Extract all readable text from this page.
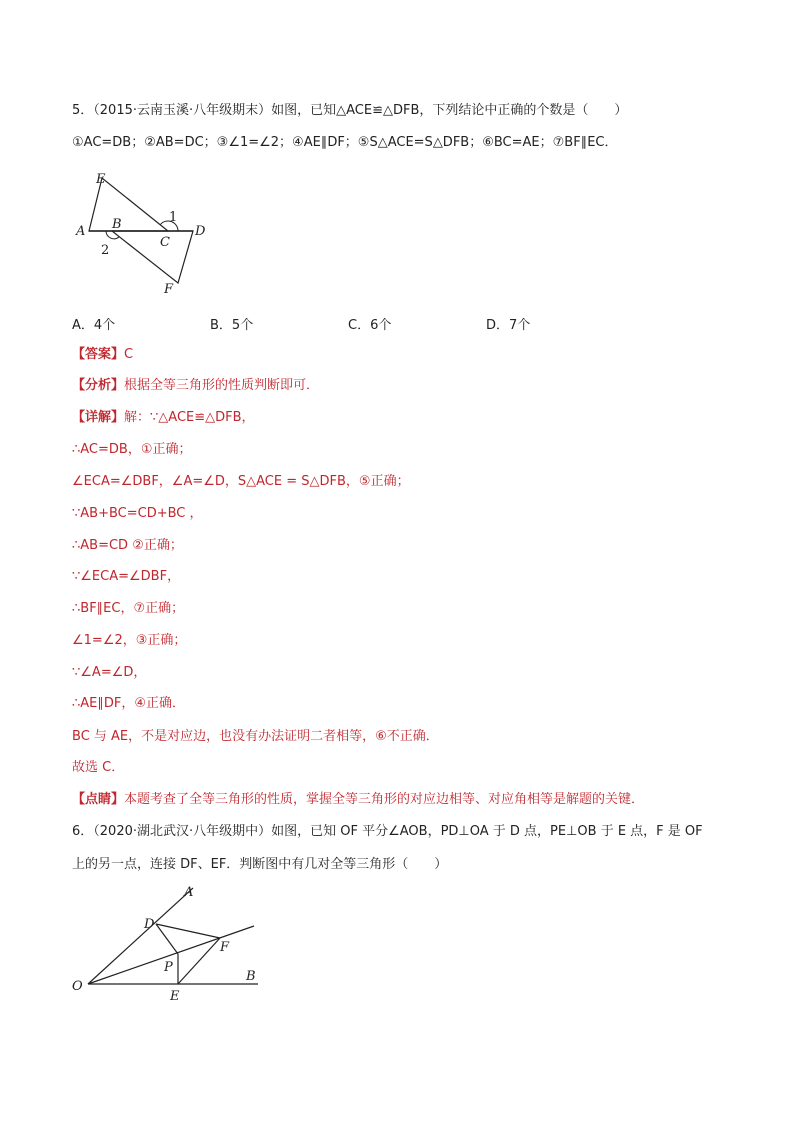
5．（2015·云南玉溪·八年级期末）如图，已知△ACE≌△DFB，下列结论中正确的个数是（　　）
①AC=DB；②AB=DC；③∠1=∠2；④AE∥DF；⑤S△ACE=S△DFB；⑥BC=AE；⑦BF∥EC．
E
A B
C
D
F
1
2
A．4个	B．5个	C．6个	D．7个
【答案】C
【分析】根据全等三角形的性质判断即可．
【详解】解：∵△ACE≌△DFB，
∴AC=DB，①正确；
∠ECA=∠DBF，∠A=∠D，S△ACE = S△DFB，⑤正确；
∵AB+BC=CD+BC ，
∴AB=CD ②正确；
∵∠ECA=∠DBF，
∴BF∥EC，⑦正确；
∠1=∠2，③正确；
∵∠A=∠D，
∴AE∥DF，④正确．
BC 与 AE，不是对应边，也没有办法证明二者相等，⑥不正确．
故选 C．
【点睛】本题考查了全等三角形的性质，掌握全等三角形的对应边相等、对应角相等是解题的关键．
6．（2020·湖北武汉·八年级期中）如图，已知 OF 平分∠AOB，PD⊥OA 于 D 点，PE⊥OB 于 E 点，F 是 OF
上的另一点，连接 DF、EF．判断图中有几对全等三角形（　　）
A
D
F
P
O
E
B
